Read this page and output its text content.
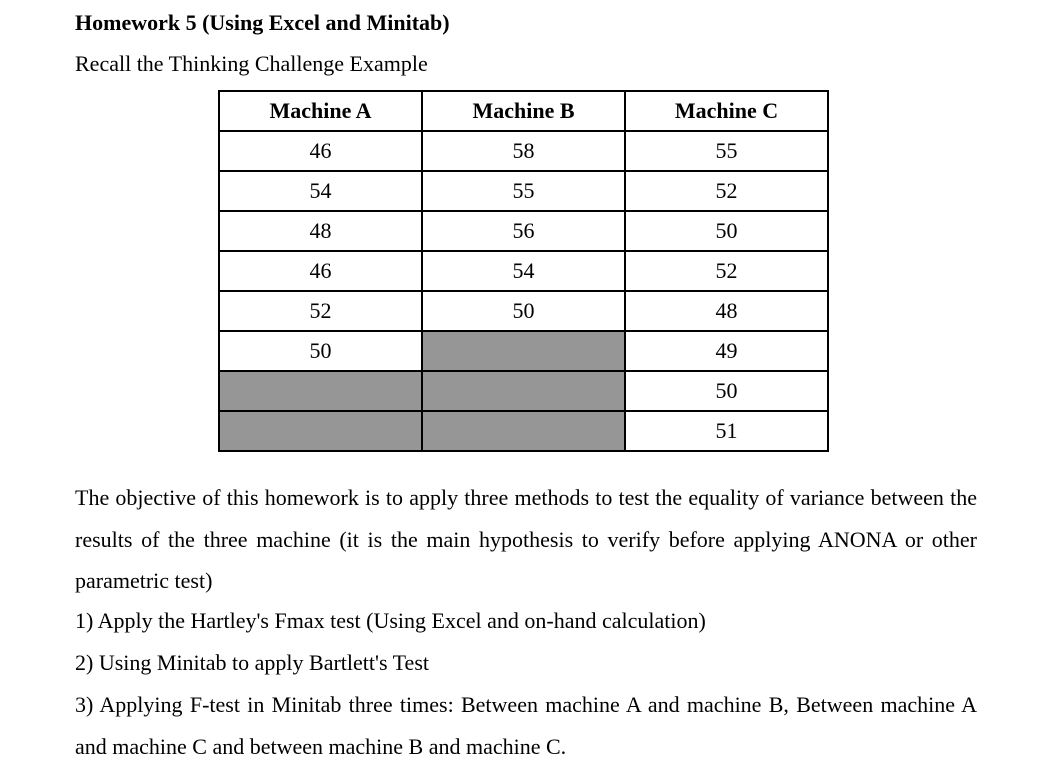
Homework 5 (Using Excel and Minitab)
Recall the Thinking Challenge Example
Machine A	Machine B	Machine C
46	58	55
54	55	52
48	56	50
46	54	52
52	50	48
50		49
		50
		51
The objective of this homework is to apply three methods to test the equality of variance between the results of the three machine (it is the main hypothesis to verify before applying ANONA or other parametric test)
1) Apply the Hartley's Fmax test (Using Excel and on-hand calculation)
2) Using Minitab to apply Bartlett's Test
3) Applying F-test in Minitab three times: Between machine A and machine B, Between machine A and machine C and between machine B and machine C.
